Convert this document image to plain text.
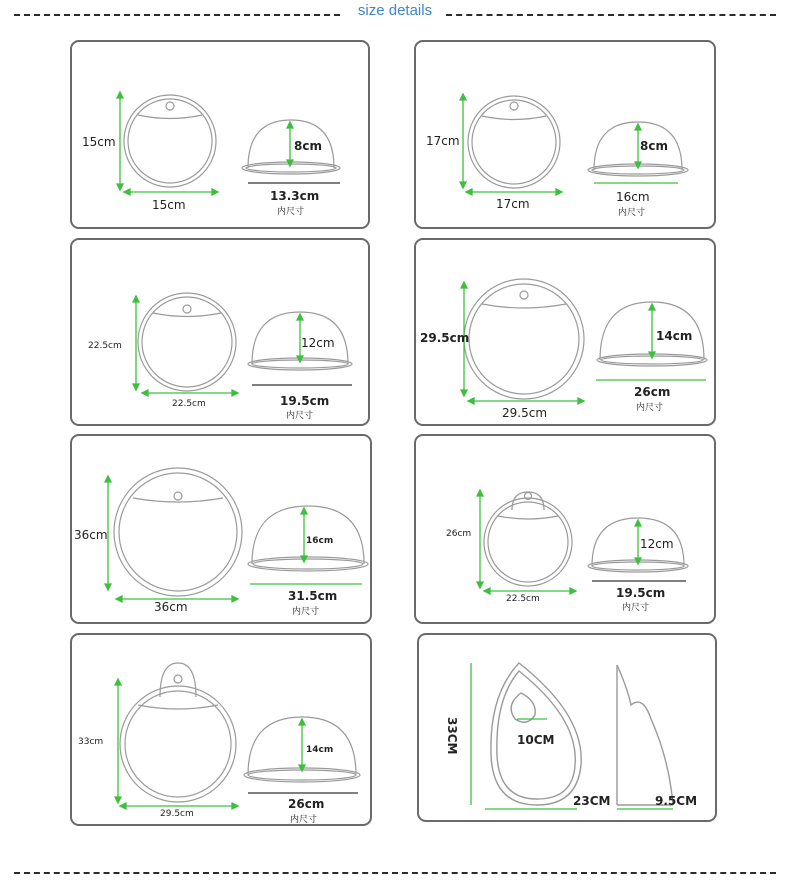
size details
15cm
15cm
8cm
13.3cm
内尺寸
17cm
17cm
8cm
16cm
内尺寸
22.5cm
22.5cm
12cm
19.5cm
内尺寸
29.5cm
29.5cm
14cm
26cm
内尺寸
36cm
36cm
16cm
31.5cm
内尺寸
26cm
22.5cm
12cm
19.5cm
内尺寸
33cm
29.5cm
14cm
26cm
内尺寸
33CM	10CM
23CM	9.5CM
